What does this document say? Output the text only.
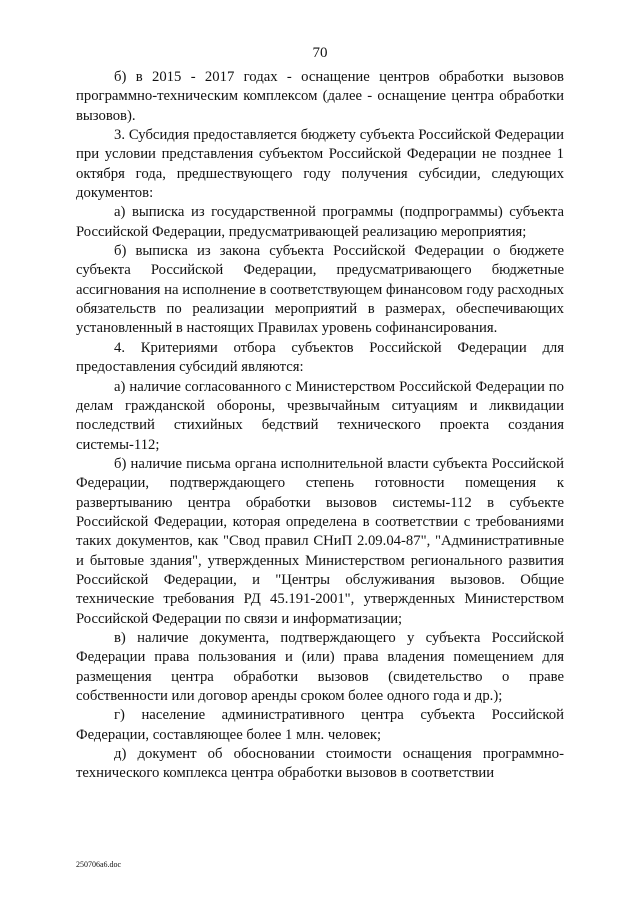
70

б) в 2015 - 2017 годах - оснащение центров обработки вызовов программно-техническим комплексом (далее - оснащение центра обработки вызовов).

3. Субсидия предоставляется бюджету субъекта Российской Федерации при условии представления субъектом Российской Федерации не позднее 1 октября года, предшествующего году получения субсидии, следующих документов:

а) выписка из государственной программы (подпрограммы) субъекта Российской Федерации, предусматривающей реализацию мероприятия;

б) выписка из закона субъекта Российской Федерации о бюджете субъекта Российской Федерации, предусматривающего бюджетные ассигнования на исполнение в соответствующем финансовом году расходных обязательств по реализации мероприятий в размерах, обеспечивающих установленный в настоящих Правилах уровень софинансирования.

4. Критериями отбора субъектов Российской Федерации для предоставления субсидий являются:

а) наличие согласованного с Министерством Российской Федерации по делам гражданской обороны, чрезвычайным ситуациям и ликвидации последствий стихийных бедствий технического проекта создания системы-112;

б) наличие письма органа исполнительной власти субъекта Российской Федерации, подтверждающего степень готовности помещения к развертыванию центра обработки вызовов системы-112 в субъекте Российской Федерации, которая определена в соответствии с требованиями таких документов, как "Свод правил СНиП 2.09.04-87", "Административные и бытовые здания", утвержденных Министерством регионального развития Российской Федерации, и "Центры обслуживания вызовов. Общие технические требования РД 45.191-2001", утвержденных Министерством Российской Федерации по связи и информатизации;

в) наличие документа, подтверждающего у субъекта Российской Федерации права пользования и (или) права владения помещением для размещения центра обработки вызовов (свидетельство о праве собственности или договор аренды сроком более одного года и др.);

г) население административного центра субъекта Российской Федерации, составляющее более 1 млн. человек;

д) документ об обосновании стоимости оснащения программно-технического комплекса центра обработки вызовов в соответствии

250706a6.doc
